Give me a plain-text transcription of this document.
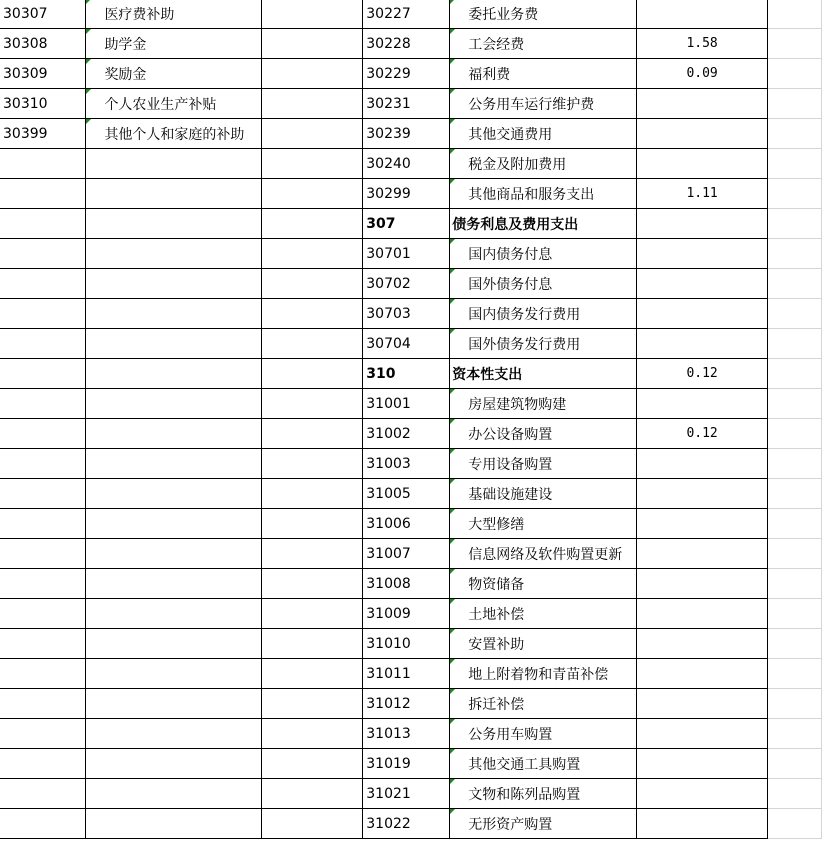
30307	医疗费补助		30227	委托业务费		
30308	助学金		30228	工会经费	1.58	
30309	奖励金		30229	福利费	0.09	
30310	个人农业生产补贴		30231	公务用车运行维护费		
30399	其他个人和家庭的补助		30239	其他交通费用		
			30240	税金及附加费用		
			30299	其他商品和服务支出	1.11	
			307	债务利息及费用支出		
			30701	国内债务付息		
			30702	国外债务付息		
			30703	国内债务发行费用		
			30704	国外债务发行费用		
			310	资本性支出	0.12	
			31001	房屋建筑物购建		
			31002	办公设备购置	0.12	
			31003	专用设备购置		
			31005	基础设施建设		
			31006	大型修缮		
			31007	信息网络及软件购置更新		
			31008	物资储备		
			31009	土地补偿		
			31010	安置补助		
			31011	地上附着物和青苗补偿		
			31012	拆迁补偿		
			31013	公务用车购置		
			31019	其他交通工具购置		
			31021	文物和陈列品购置		
			31022	无形资产购置		
